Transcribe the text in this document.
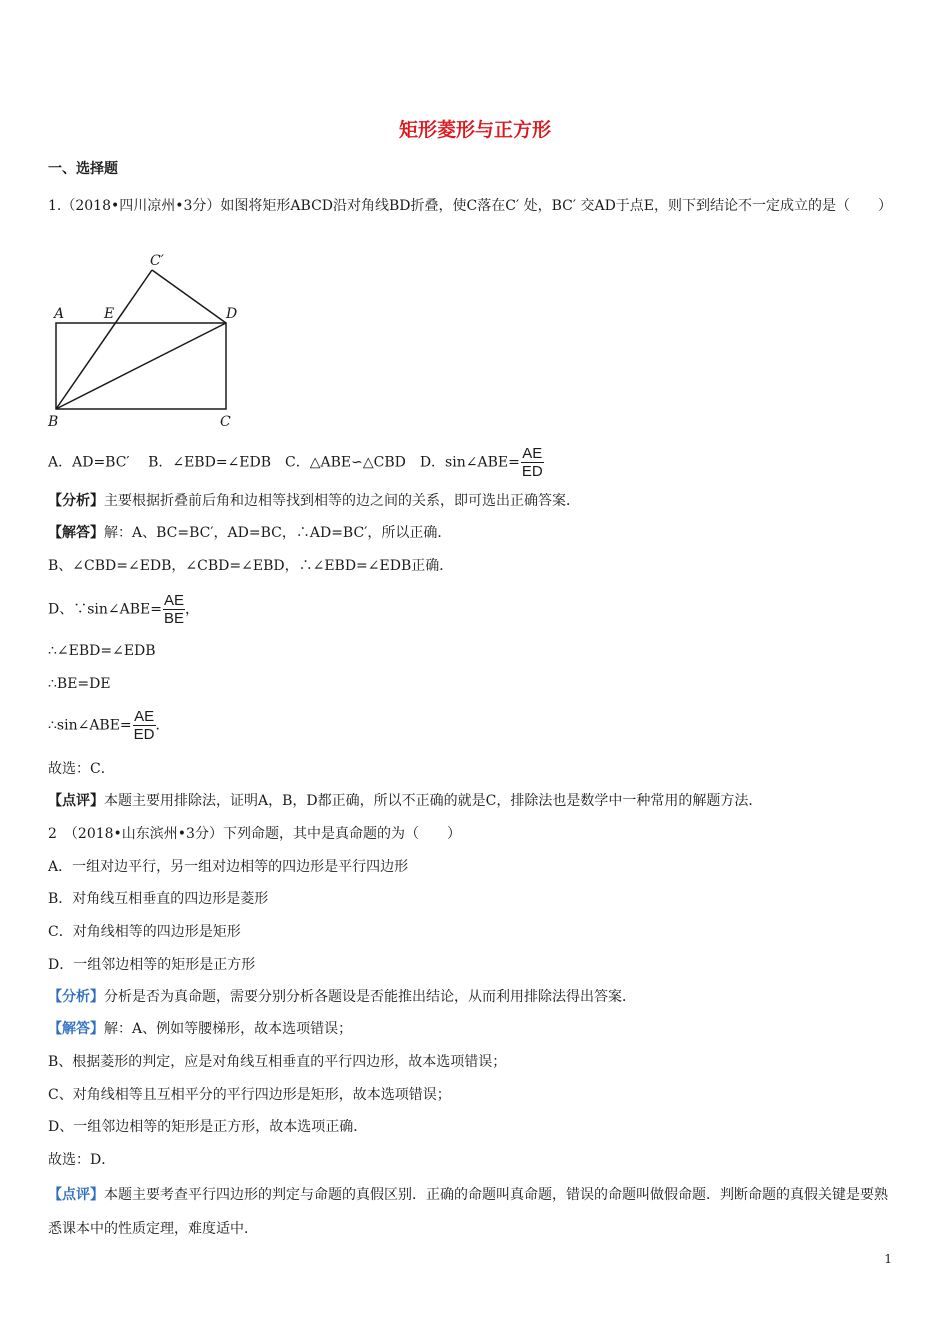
矩形菱形与正方形
一、选择题
1.（2018•四川凉州•3分）如图将矩形ABCD沿对角线BD折叠，使C落在C′ 处，BC′ 交AD于点E，则下到结论不一定成立的是（　　）
C′
A	E	D
B	C
A．AD=BC′　 B．∠EBD=∠EDB　C．△ABE∽△CBD　D．sin∠ABE= $\frac{AE}{ED}$
【分析】主要根据折叠前后角和边相等找到相等的边之间的关系，即可选出正确答案．
【解答】解：A、BC=BC′，AD=BC，∴AD=BC′，所以正确．
B、∠CBD=∠EDB，∠CBD=∠EBD，∴∠EBD=∠EDB正确．
D、∵sin∠ABE= $\frac{AE}{BE}$ ，
∴∠EBD=∠EDB
∴BE=DE
∴sin∠ABE= $\frac{AE}{ED}$ ．
故选：C．
【点评】本题主要用排除法，证明A，B，D都正确，所以不正确的就是C，排除法也是数学中一种常用的解题方法．
2　（2018•山东滨州•3分）下列命题，其中是真命题的为（　　）
A．一组对边平行，另一组对边相等的四边形是平行四边形
B．对角线互相垂直的四边形是菱形
C．对角线相等的四边形是矩形
D．一组邻边相等的矩形是正方形
【分析】分析是否为真命题，需要分别分析各题设是否能推出结论，从而利用排除法得出答案．
【解答】解：A、例如等腰梯形，故本选项错误；
B、根据菱形的判定，应是对角线互相垂直的平行四边形，故本选项错误；
C、对角线相等且互相平分的平行四边形是矩形，故本选项错误；
D、一组邻边相等的矩形是正方形，故本选项正确．
故选：D．
【点评】本题主要考查平行四边形的判定与命题的真假区别．正确的命题叫真命题，错误的命题叫做假命题．判断命题的真假关键是要熟悉课本中的性质定理，难度适中．
1
